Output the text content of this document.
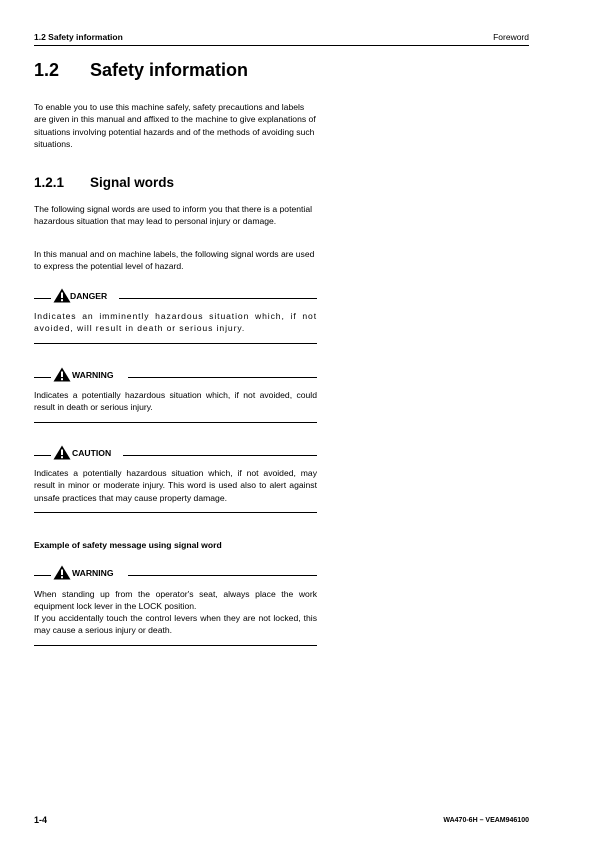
1.2 Safety information	Foreword
1.2 Safety information

To enable you to use this machine safely, safety precautions and labels are given in this manual and affixed to the machine to give explanations of situations involving potential hazards and of the methods of avoiding such situations.

1.2.1 Signal words

The following signal words are used to inform you that there is a potential hazardous situation that may lead to personal injury or damage.

In this manual and on machine labels, the following signal words are used to express the potential level of hazard.

DANGER

Indicates an imminently hazardous situation which, if not avoided, will result in death or serious injury.

WARNING

Indicates a potentially hazardous situation which, if not avoided, could result in death or serious injury.

CAUTION

Indicates a potentially hazardous situation which, if not avoided, may result in minor or moderate injury. This word is used also to alert against unsafe practices that may cause property damage.

Example of safety message using signal word
WARNING

When standing up from the operator's seat, always place the work equipment lock lever in the LOCK position.

If you accidentally touch the control levers when they are not locked, this may cause a serious injury or death.

1-4	WA470-6H – VEAM946100
